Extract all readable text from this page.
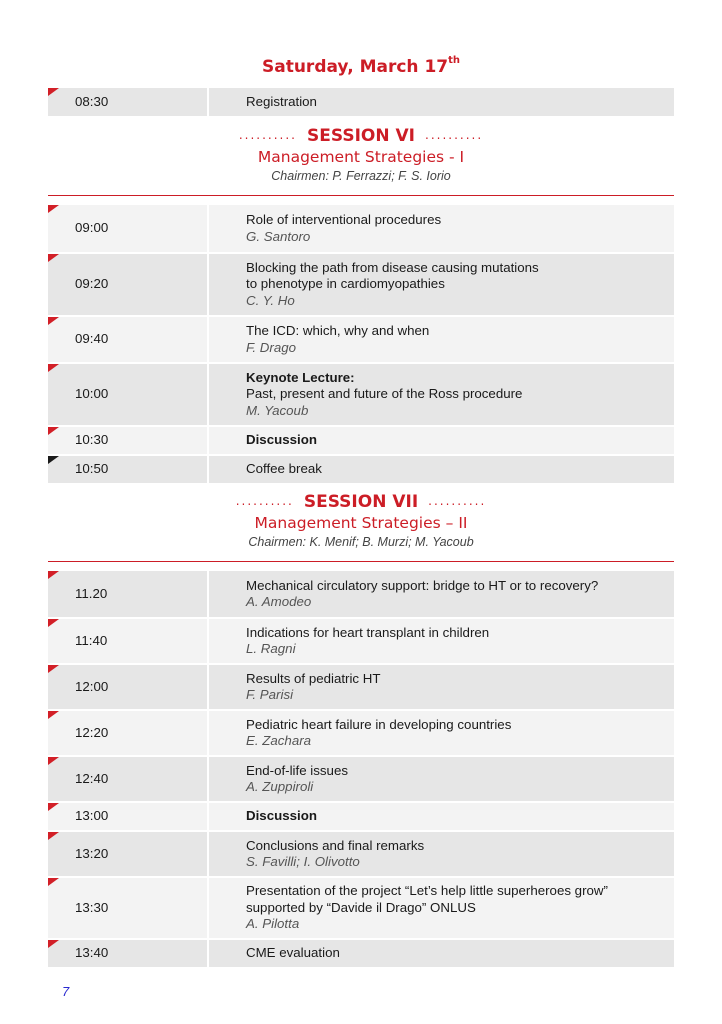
Saturday, March 17th
08:30	Registration
.......... SESSION VI ..........
Management Strategies - I
Chairmen: P. Ferrazzi; F. S. Iorio
09:00	Role of interventional procedures
G. Santoro

09:20	Blocking the path from disease causing mutations
to phenotype in cardiomyopathies
C. Y. Ho

09:40	The ICD: which, why and when
F. Drago

10:00	Keynote Lecture:
Past, present and future of the Ross procedure
M. Yacoub

10:30	Discussion

10:50	Coffee break
.......... SESSION VII ..........
Management Strategies – II
Chairmen: K. Menif; B. Murzi; M. Yacoub
11.20	Mechanical circulatory support: bridge to HT or to recovery?
A. Amodeo

11:40	Indications for heart transplant in children
L. Ragni

12:00	Results of pediatric HT
F. Parisi

12:20	Pediatric heart failure in developing countries
E. Zachara

12:40	End-of-life issues
A. Zuppiroli

13:00	Discussion

13:20	Conclusions and final remarks
S. Favilli; I. Olivotto

13:30	Presentation of the project “Let’s help little superheroes grow”
supported by “Davide il Drago” ONLUS
A. Pilotta

13:40	CME evaluation
7
